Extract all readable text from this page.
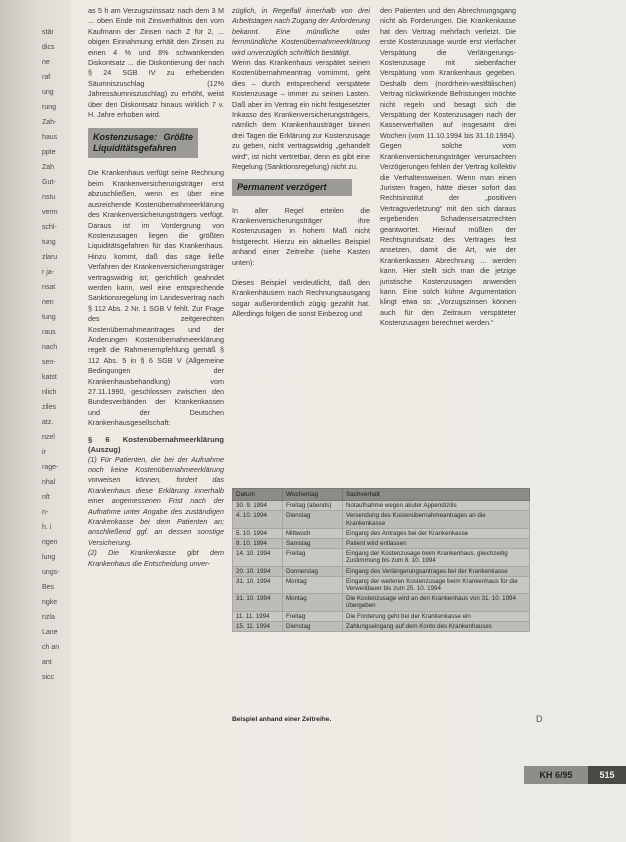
stär
dics
ne
raf
ung
rung
Zah-
haus
ppte
Zah
Gut-
nstu
verm
schl-
tung
zlaru
r ja-
nsat
nen
tung
raus
nach
sen-
katst
nlich
ziles
atz.
nzel
ir
rage-
nhal
nft
n-
h. i
ngen
lung
ungs-
Bes
ngke
nzla
Lane
ch an
ant
sicc

as 5 h am Verzugszinssatz nach dem 3 M ... oben Ende mit Zinsverhältnis den vom Kaufmann der Zinsen nach Z für 2, ... obigen Einnahmung erhält den Zinsen zu einen 4 % und 8% schwankenden Diskontsatz ... die Diskontierung der nach § 24 SGB IV zu erhebenden Säumniszuschlag (12% Jahressäumniszuschlag) zu erhöht, weist über den Diskontsatz hinaus wirklich 7 v. H. Jahre erhoben wird.

Kostenzusage: Größte Liquiditätsgefahren

Die Krankenhaus verfügt seine Rechnung beim Krankenversicherungsträger erst abzuschließen, wenn es über eine ausreichende Kostenübernahmeerklärung des Krankenversicherungsträgers verfügt. Daraus ist im Vordergrung von Kostenzusagen liegen die größten Liquiditätsgefahren für das Krankenhaus. Hinzu kommt, daß das säge ließe Verfahren der Krankenversicherungsträger vertragswidrig ist; gerichtlich geahndet werden kann, weil eine entsprechende Sanktionsregelung im Landesvertrag nach § 112 Abs. 2 Nr. 1 SGB V fehlt. Zur Frage des zeitgerechten Kostenübernahmeantrages und der Änderungen Kostenübernahmeerklärung regelt die Rahmenempfehlung gemäß § 112 Abs. 5 in § 6 SGB V (Allgemeine Bedingungen der Krankenhausbehandlung) vom 27.11.1990, geschlossen zwischen den Bundesverbänden der Krankenkassen und der Deutschen Krankenhausgesellschaft:

§ 6 Kostenübernahmeerklärung (Auszug)

(1) Für Patienten, die bei der Aufnahme noch keine Kostenübernahmeerklärung vorweisen können, fordert das Krankenhaus diese Erklärung innerhalb einer angemessenen Frist nach der Aufnahme unter Angabe des zuständigen Krankenkasse bei dem Patienten an; anschließend ggf. an dessen sonstige Versicherung.

(2) Die Krankenkasse gibt dem Krankenhaus die Entscheidung unver-

züglich, in Regelfall innerhalb von drei Arbeitstagen nach Zugang der Anforderung bekannt. Eine mündliche oder fernmündliche Kostenübernahmeerklärung wird unverzüglich schriftlich bestätigt.

Wenn das Krankenhaus verspätet seinen Kostenübernahmeantrag vornimmt, geht dies – durch entsprechend verspätete Kostenzusage – immer zu seinen Lasten. Daß aber im Vertrag ein nicht festgesetzter Inkasso des Krankenversicherungsträgers, nämlich dem Krankenhausträger binnen drei Tagen die Erklärung zur Kostenzusage zu geben, nicht vertragswidrig „gehandelt wird“, ist nicht vertretbar, denn es gibt eine Regelung (Sanktionsregelung) nicht zu.

Permanent verzögert

In aller Regel erteilen die Krankenversicherungsträger ihre Kostenzusagen in hohem Maß nicht fristgerecht. Hierzu ein aktuelles Beispiel anhand einer Zeitreihe (siehe Kasten unten):

Dieses Beispiel verdeutlicht, daß den Krankenhäusern nach Rechnungsausgang sogar außerordentlich zügig gezahlt hat. Allerdings folgen die sonst Einbezog und

den Patienten und den Abrechnungsgang nicht als Forderungen. Die Krankenkasse hat den Vertrag mehrfach verletzt. Die erste Kostenzusage wurde erst vierfacher Verspätung die Verlängerungs-Kostenzusage mit siebenfacher Verspätung vom Krankenhaus gegeben. Deshalb dem (nordrhein-westfälischen) Vertrag rückwirkende Befristungen möchte nicht regeln und besagt sich die Verspätung der Kostenzusagen nach der Kassenverhalten auf insgesamt drei Wochen (vom 11.10.1994 bis 31.10.1994). Gegen solche vom Krankenversicherungsträger verursachten Verzögerungen fehlen der Vertrag kollektiv die Verhaltensweisen. Wenn man einen Juristen fragen, hätte dieser sofort das Rechtsinstitut der „positiven Vertragsverletzung“ mit den sich daraus ergebenden Schadensersatzrechten geantwortet. Hierauf müßten der Rechtsgrundsatz des Vertrages fest ansetzen, damit die Art, wie der Krankenkassen Abrechnung ... werden kann. Hier stellt sich man die jetzige juristische Kostenzusagen anwenden kann. Eine solch kühne Argumentation klingt etwa so: „Vorzugszinsen können auch für den Zeitraum verspäteter Kostenzusagen berechnet werden.“

Datum	Wochentag	Sachverhalt
30. 9. 1994	Freitag (abends)	Notaufnahme wegen akuter Appendizitis
4. 10. 1994	Dienstag	Versendung des Kostenübernahmeantrages an die Krankenkasse
5. 10. 1994	Mittwoch	Eingang des Antrages bei der Krankenkasse
8. 10. 1994	Samstag	Patient wird entlassen
14. 10. 1994	Freitag	Eingang der Kostenzusage beim Krankenhaus, gleichzeitig Zustimmung bis zum 8. 10. 1994
20. 10. 1994	Donnerstag	Eingang des Verlängerungsantrages bei der Krankenkasse
31. 10. 1994	Montag	Eingang der weiteren Kostenzusage beim Krankenhaus für die Verweildauer bis zum 25. 10. 1994
31. 10. 1994	Montag	Die Kostenzusage wird an den Krankenhaus von 31. 10. 1994 übergeben
11. 11. 1994	Freitag	Die Forderung geht bei der Krankenkasse ein
15. 11. 1994	Dienstag	Zahlungseingang auf dem Konto des Krankenhauses
Beispiel anhand einer Zeitreihe.	D
KH 6/95	515
